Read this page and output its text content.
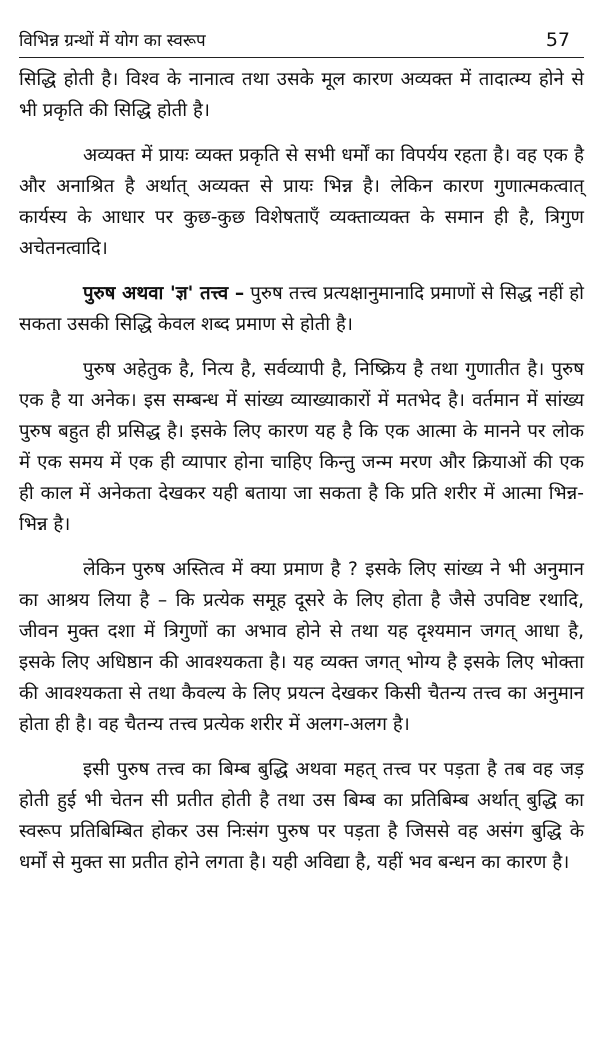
विभिन्न ग्रन्थों में योग का स्वरूप	57

सिद्धि होती है। विश्व के नानात्व तथा उसके मूल कारण अव्यक्त में तादात्म्य होने से भी प्रकृति की सिद्धि होती है।

अव्यक्त में प्रायः व्यक्त प्रकृति से सभी धर्मों का विपर्यय रहता है। वह एक है और अनाश्रित है अर्थात् अव्यक्त से प्रायः भिन्न है। लेकिन कारण गुणात्मकत्वात् कार्यस्य के आधार पर कुछ-कुछ विशेषताएँ व्यक्ताव्यक्त के समान ही है, त्रिगुण अचेतनत्वादि।

पुरुष अथवा 'ज्ञ' तत्त्व – पुरुष तत्त्व प्रत्यक्षानुमानादि प्रमाणों से सिद्ध नहीं हो सकता उसकी सिद्धि केवल शब्द प्रमाण से होती है।

पुरुष अहेतुक है, नित्य है, सर्वव्यापी है, निष्क्रिय है तथा गुणातीत है। पुरुष एक है या अनेक। इस सम्बन्ध में सांख्य व्याख्याकारों में मतभेद है। वर्तमान में सांख्य पुरुष बहुत ही प्रसिद्ध है। इसके लिए कारण यह है कि एक आत्मा के मानने पर लोक में एक समय में एक ही व्यापार होना चाहिए किन्तु जन्म मरण और क्रियाओं की एक ही काल में अनेकता देखकर यही बताया जा सकता है कि प्रति शरीर में आत्मा भिन्न-भिन्न है।

लेकिन पुरुष अस्तित्व में क्या प्रमाण है ? इसके लिए सांख्य ने भी अनुमान का आश्रय लिया है – कि प्रत्येक समूह दूसरे के लिए होता है जैसे उपविष्ट रथादि, जीवन मुक्त दशा में त्रिगुणों का अभाव होने से तथा यह दृश्यमान जगत् आधा है, इसके लिए अधिष्ठान की आवश्यकता है। यह व्यक्त जगत् भोग्य है इसके लिए भोक्ता की आवश्यकता से तथा कैवल्य के लिए प्रयत्न देखकर किसी चैतन्य तत्त्व का अनुमान होता ही है। वह चैतन्य तत्त्व प्रत्येक शरीर में अलग-अलग है।

इसी पुरुष तत्त्व का बिम्ब बुद्धि अथवा महत् तत्त्व पर पड़ता है तब वह जड़ होती हुई भी चेतन सी प्रतीत होती है तथा उस बिम्ब का प्रतिबिम्ब अर्थात् बुद्धि का स्वरूप प्रतिबिम्बित होकर उस निःसंग पुरुष पर पड़ता है जिससे वह असंग बुद्धि के धर्मों से मुक्त सा प्रतीत होने लगता है। यही अविद्या है, यहीं भव बन्धन का कारण है।
